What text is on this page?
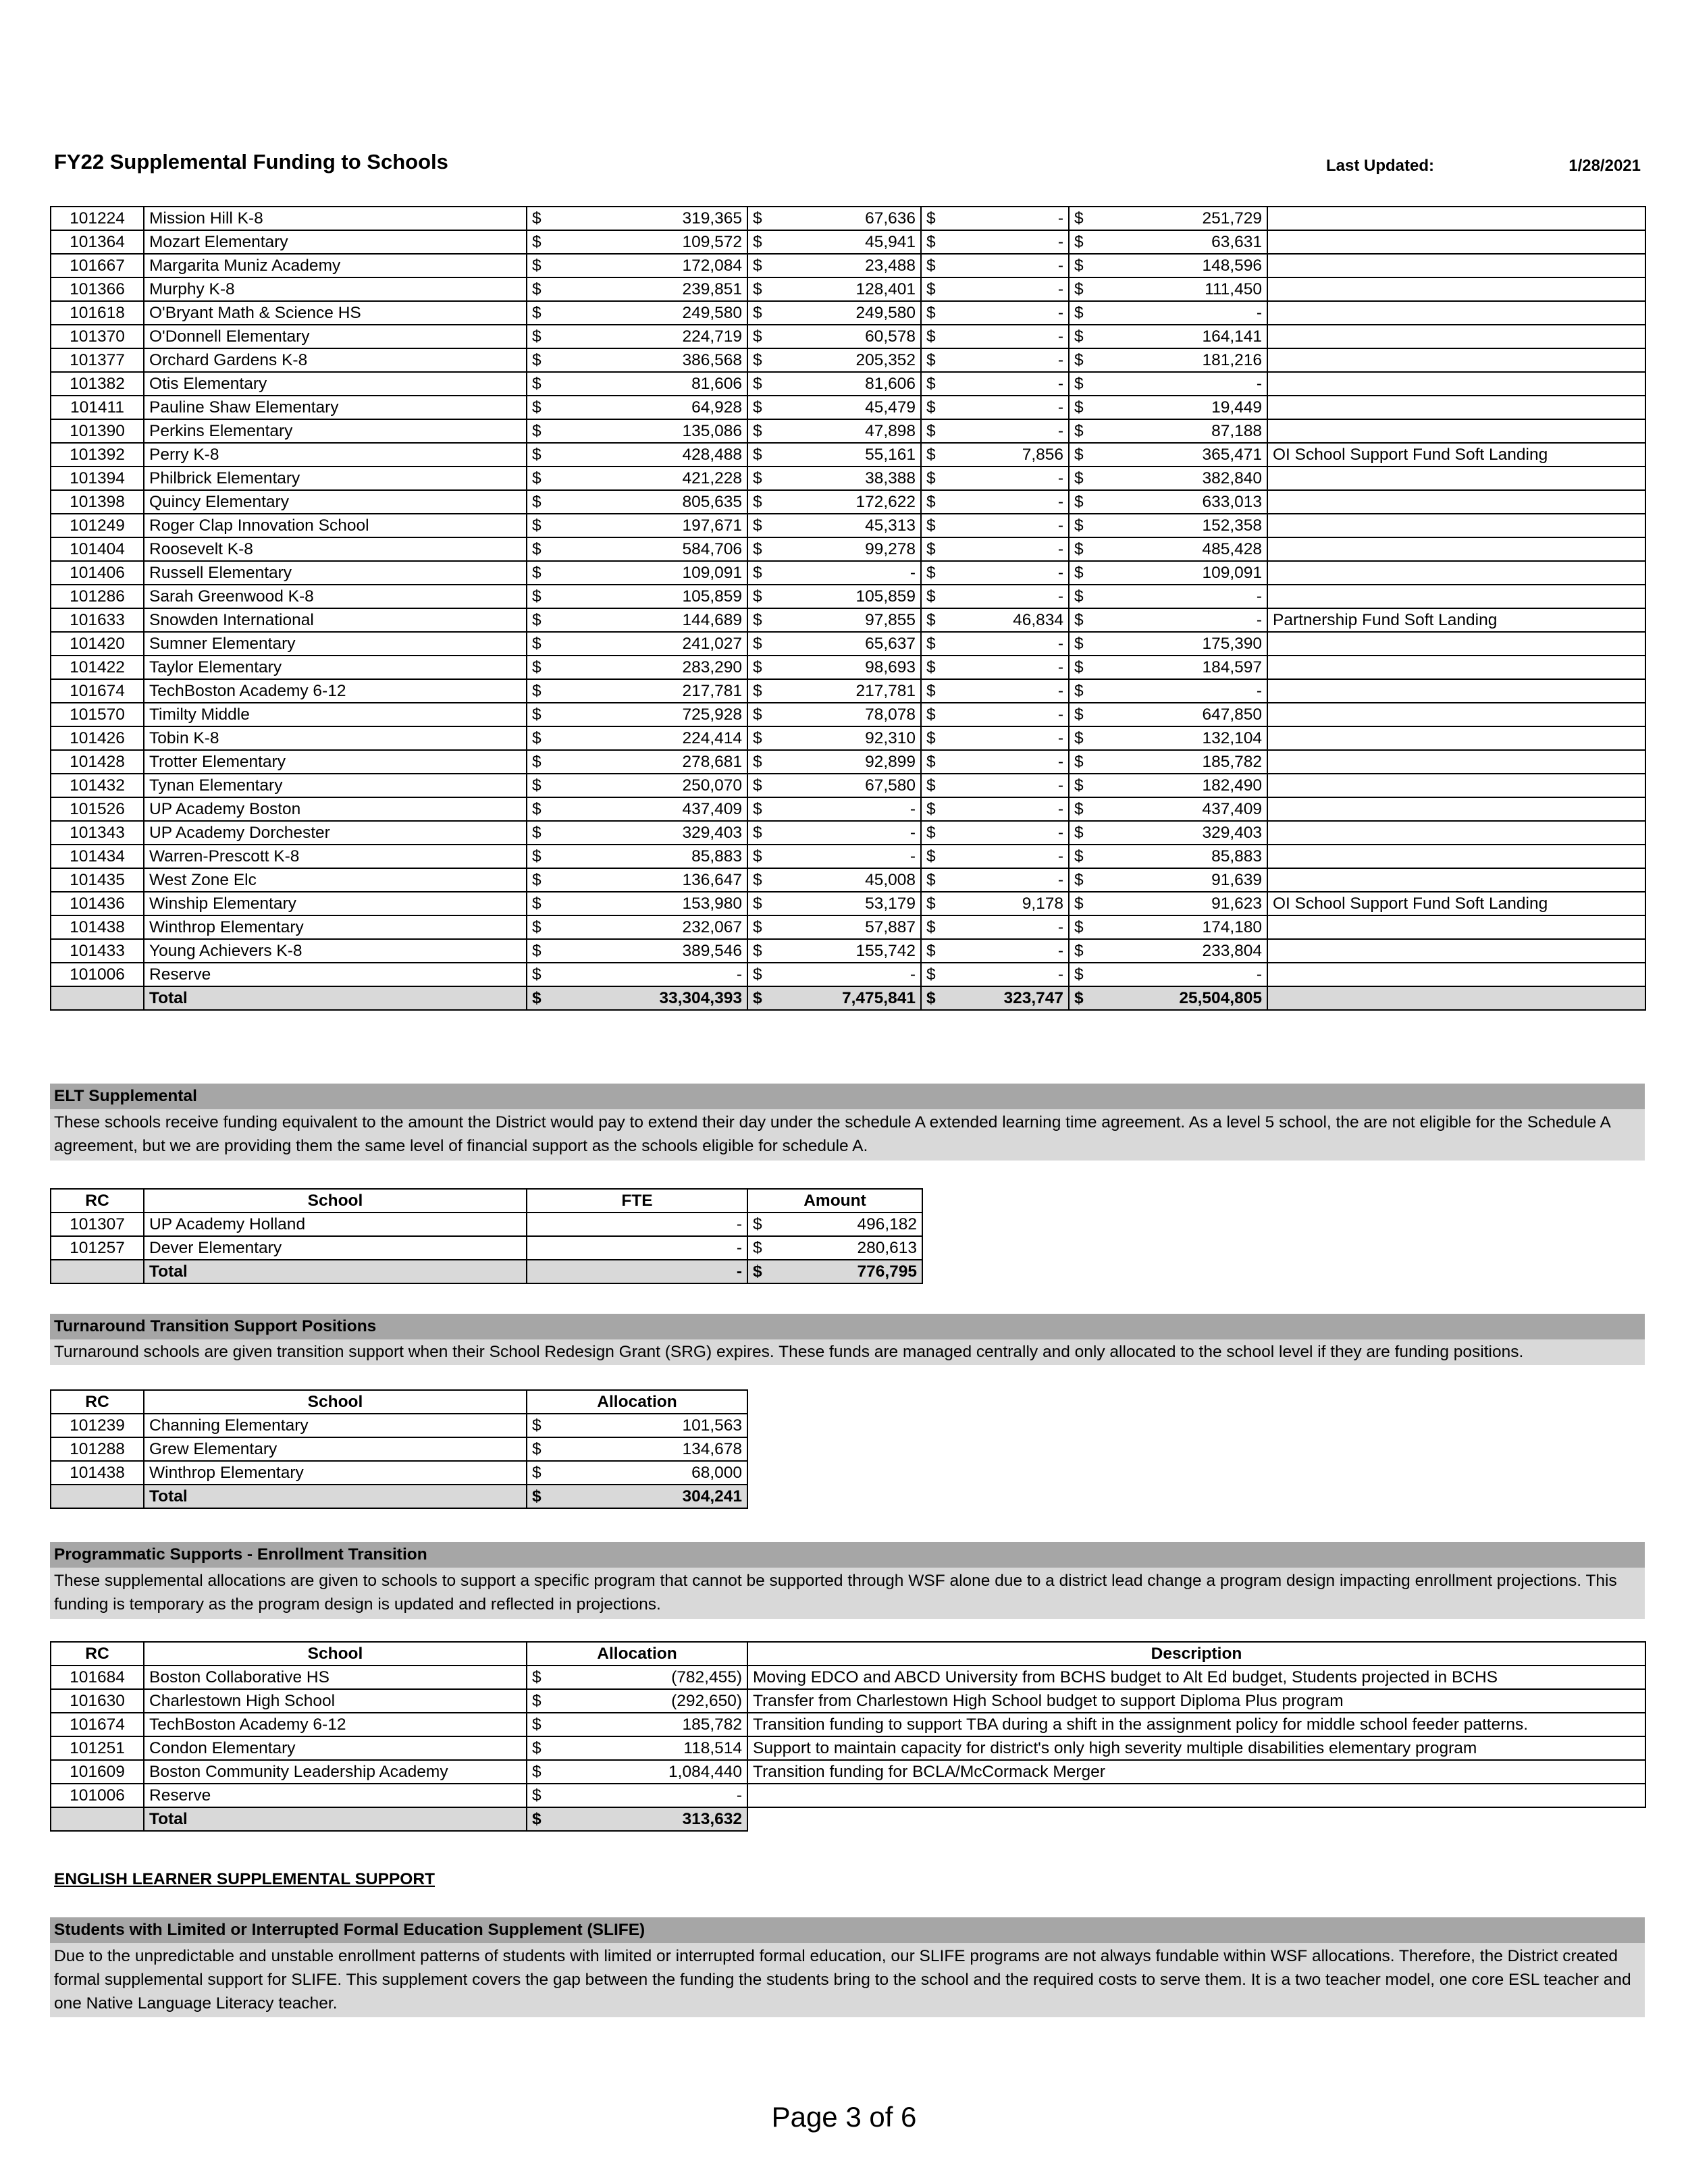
FY22 Supplemental Funding to Schools	Last Updated:	1/28/2021
101224	Mission Hill K-8	$	319,365	$	67,636	$	-	$	251,729	
101364	Mozart Elementary	$	109,572	$	45,941	$	-	$	63,631	
101667	Margarita Muniz Academy	$	172,084	$	23,488	$	-	$	148,596	
101366	Murphy K-8	$	239,851	$	128,401	$	-	$	111,450	
101618	O'Bryant Math & Science HS	$	249,580	$	249,580	$	-	$	-	
101370	O'Donnell Elementary	$	224,719	$	60,578	$	-	$	164,141	
101377	Orchard Gardens K-8	$	386,568	$	205,352	$	-	$	181,216	
101382	Otis Elementary	$	81,606	$	81,606	$	-	$	-	
101411	Pauline Shaw Elementary	$	64,928	$	45,479	$	-	$	19,449	
101390	Perkins Elementary	$	135,086	$	47,898	$	-	$	87,188	
101392	Perry K-8	$	428,488	$	55,161	$	7,856	$	365,471	OI School Support Fund Soft Landing
101394	Philbrick Elementary	$	421,228	$	38,388	$	-	$	382,840	
101398	Quincy Elementary	$	805,635	$	172,622	$	-	$	633,013	
101249	Roger Clap Innovation School	$	197,671	$	45,313	$	-	$	152,358	
101404	Roosevelt K-8	$	584,706	$	99,278	$	-	$	485,428	
101406	Russell Elementary	$	109,091	$	-	$	-	$	109,091	
101286	Sarah Greenwood K-8	$	105,859	$	105,859	$	-	$	-	
101633	Snowden International	$	144,689	$	97,855	$	46,834	$	-	Partnership Fund Soft Landing
101420	Sumner Elementary	$	241,027	$	65,637	$	-	$	175,390	
101422	Taylor Elementary	$	283,290	$	98,693	$	-	$	184,597	
101674	TechBoston Academy 6-12	$	217,781	$	217,781	$	-	$	-	
101570	Timilty Middle	$	725,928	$	78,078	$	-	$	647,850	
101426	Tobin K-8	$	224,414	$	92,310	$	-	$	132,104	
101428	Trotter Elementary	$	278,681	$	92,899	$	-	$	185,782	
101432	Tynan Elementary	$	250,070	$	67,580	$	-	$	182,490	
101526	UP Academy Boston	$	437,409	$	-	$	-	$	437,409	
101343	UP Academy Dorchester	$	329,403	$	-	$	-	$	329,403	
101434	Warren-Prescott K-8	$	85,883	$	-	$	-	$	85,883	
101435	West Zone Elc	$	136,647	$	45,008	$	-	$	91,639	
101436	Winship Elementary	$	153,980	$	53,179	$	9,178	$	91,623	OI School Support Fund Soft Landing
101438	Winthrop Elementary	$	232,067	$	57,887	$	-	$	174,180	
101433	Young Achievers K-8	$	389,546	$	155,742	$	-	$	233,804	
101006	Reserve	$	-	$	-	$	-	$	-	
	Total	$	33,304,393	$	7,475,841	$	323,747	$	25,504,805	
ELT Supplemental
These schools receive funding equivalent to the amount the District would pay to extend their day under the schedule A extended learning time agreement. As a level 5 school, the are not eligible for the Schedule A agreement, but we are providing them the same level of financial support as the schools eligible for schedule A.
RC	School	FTE	Amount	
101307	UP Academy Holland	-	$	496,182
101257	Dever Elementary	-	$	280,613
	Total	-	$	776,795
Turnaround Transition Support Positions
Turnaround schools are given transition support when their School Redesign Grant (SRG) expires. These funds are managed centrally and only allocated to the school level if they are funding positions.
RC	School	Allocation	
101239	Channing Elementary	$	101,563
101288	Grew Elementary	$	134,678
101438	Winthrop Elementary	$	68,000
	Total	$	304,241
Programmatic Supports - Enrollment Transition
These supplemental allocations are given to schools to support a specific program that cannot be supported through WSF alone due to a district lead change a program design impacting enrollment projections. This funding is temporary as the program design is updated and reflected in projections.
RC	School	Allocation		Description
101684	Boston Collaborative HS	$	(782,455)	Moving EDCO and ABCD University from BCHS budget to Alt Ed budget, Students projected in BCHS
101630	Charlestown High School	$	(292,650)	Transfer from Charlestown High School budget to support Diploma Plus program
101674	TechBoston Academy 6-12	$	185,782	Transition funding to support TBA during a shift in the assignment policy for middle school feeder patterns.
101251	Condon Elementary	$	118,514	Support to maintain capacity for district's only high severity multiple disabilities elementary program
101609	Boston Community Leadership Academy	$	1,084,440	Transition funding for BCLA/McCormack Merger
101006	Reserve	$	-	
	Total	$	313,632	
ENGLISH LEARNER SUPPLEMENTAL SUPPORT
Students with Limited or Interrupted Formal Education Supplement (SLIFE)
Due to the unpredictable and unstable enrollment patterns of students with limited or interrupted formal education, our SLIFE programs are not always fundable within WSF allocations. Therefore, the District created formal supplemental support for SLIFE. This supplement covers the gap between the funding the students bring to the school and the required costs to serve them. It is a two teacher model, one core ESL teacher and one Native Language Literacy teacher.
Page 3 of 6
